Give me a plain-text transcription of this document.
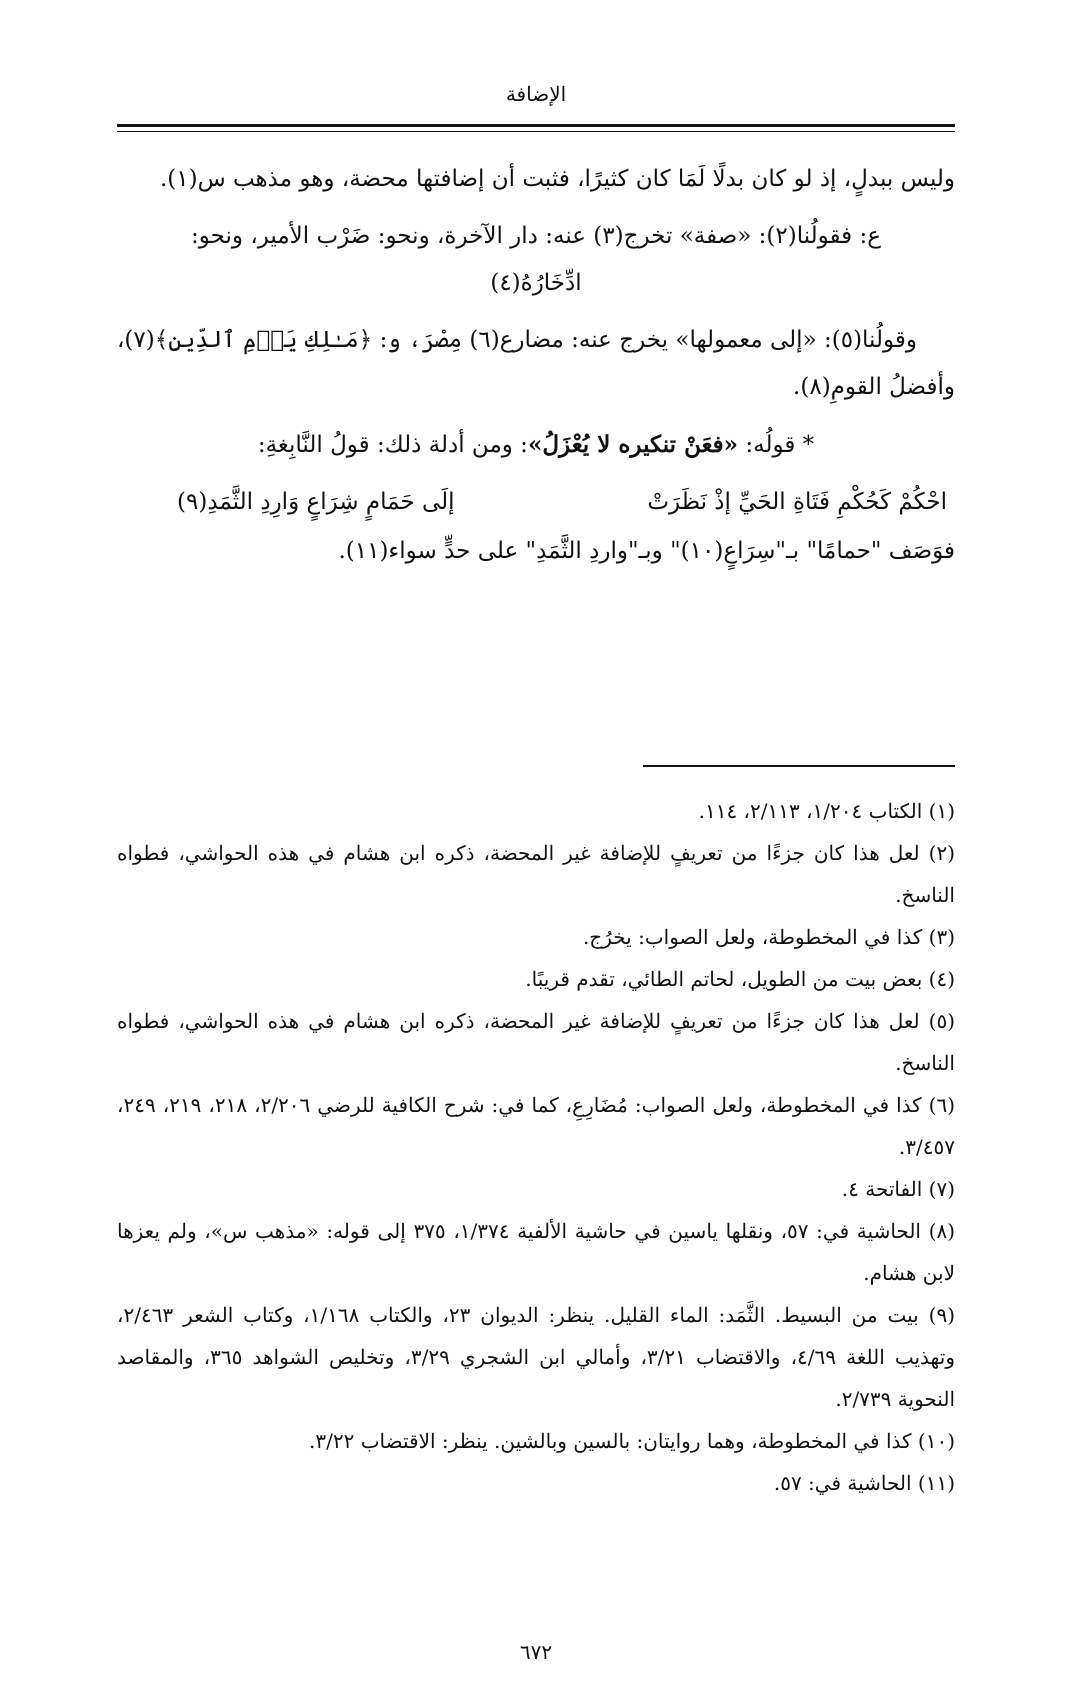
الإضافة

وليس ببدلٍ، إذ لو كان بدلًا لَمَا كان كثيرًا، فثبت أن إضافتها محضة، وهو مذهب س(١).

ع: فقولُنا(٢): «صفة» تخرج(٣) عنه: دار الآخرة، ونحو: ضَرْب الأمير، ونحو:
ادِّخَارُهُ(٤)

وقولُنا(٥): «إلى معمولها» يخرج عنه: مضارع(٦) مِصْرَ، و: ﴿مَـٰلِكِ يَوۡمِ ٱلدِّينِ﴾(٧)، وأفضلُ القومِ(٨).

* قولُه: «فعَنْ تنكيره لا يُعْزَلُ»: ومن أدلة ذلك: قولُ النَّابِغةِ:

احْكُمْ كَحُكْمِ فَتَاةِ الحَيِّ إذْ نَظَرَتْ
إلَى حَمَامٍ شِرَاعٍ وَارِدِ الثَّمَدِ(٩)

فوَصَف "حمامًا" بـ"سِرَاعٍ(١٠)" وبـ"واردِ الثَّمَدِ" على حدٍّ سواء(١١).

(١) الكتاب ١/٢٠٤، ٢/١١٣، ١١٤.

(٢) لعل هذا كان جزءًا من تعريفٍ للإضافة غير المحضة، ذكره ابن هشام في هذه الحواشي، فطواه الناسخ.

(٣) كذا في المخطوطة، ولعل الصواب: يخرُج.

(٤) بعض بيت من الطويل، لحاتم الطائي، تقدم قريبًا.

(٥) لعل هذا كان جزءًا من تعريفٍ للإضافة غير المحضة، ذكره ابن هشام في هذه الحواشي، فطواه الناسخ.

(٦) كذا في المخطوطة، ولعل الصواب: مُضَارِعِ، كما في: شرح الكافية للرضي ٢/٢٠٦، ٢١٨، ٢١٩، ٢٤٩، ٣/٤٥٧.

(٧) الفاتحة ٤.

(٨) الحاشية في: ٥٧، ونقلها ياسين في حاشية الألفية ١/٣٧٤، ٣٧٥ إلى قوله: «مذهب س»، ولم يعزها لابن هشام.

(٩) بيت من البسيط. الثَّمَد: الماء القليل. ينظر: الديوان ٢٣، والكتاب ١/١٦٨، وكتاب الشعر ٢/٤٦٣، وتهذيب اللغة ٤/٦٩، والاقتضاب ٣/٢١، وأمالي ابن الشجري ٣/٢٩، وتخليص الشواهد ٣٦٥، والمقاصد النحوية ٢/٧٣٩.

(١٠) كذا في المخطوطة، وهما روايتان: بالسين وبالشين. ينظر: الاقتضاب ٣/٢٢.

(١١) الحاشية في: ٥٧.

٦٧٢
